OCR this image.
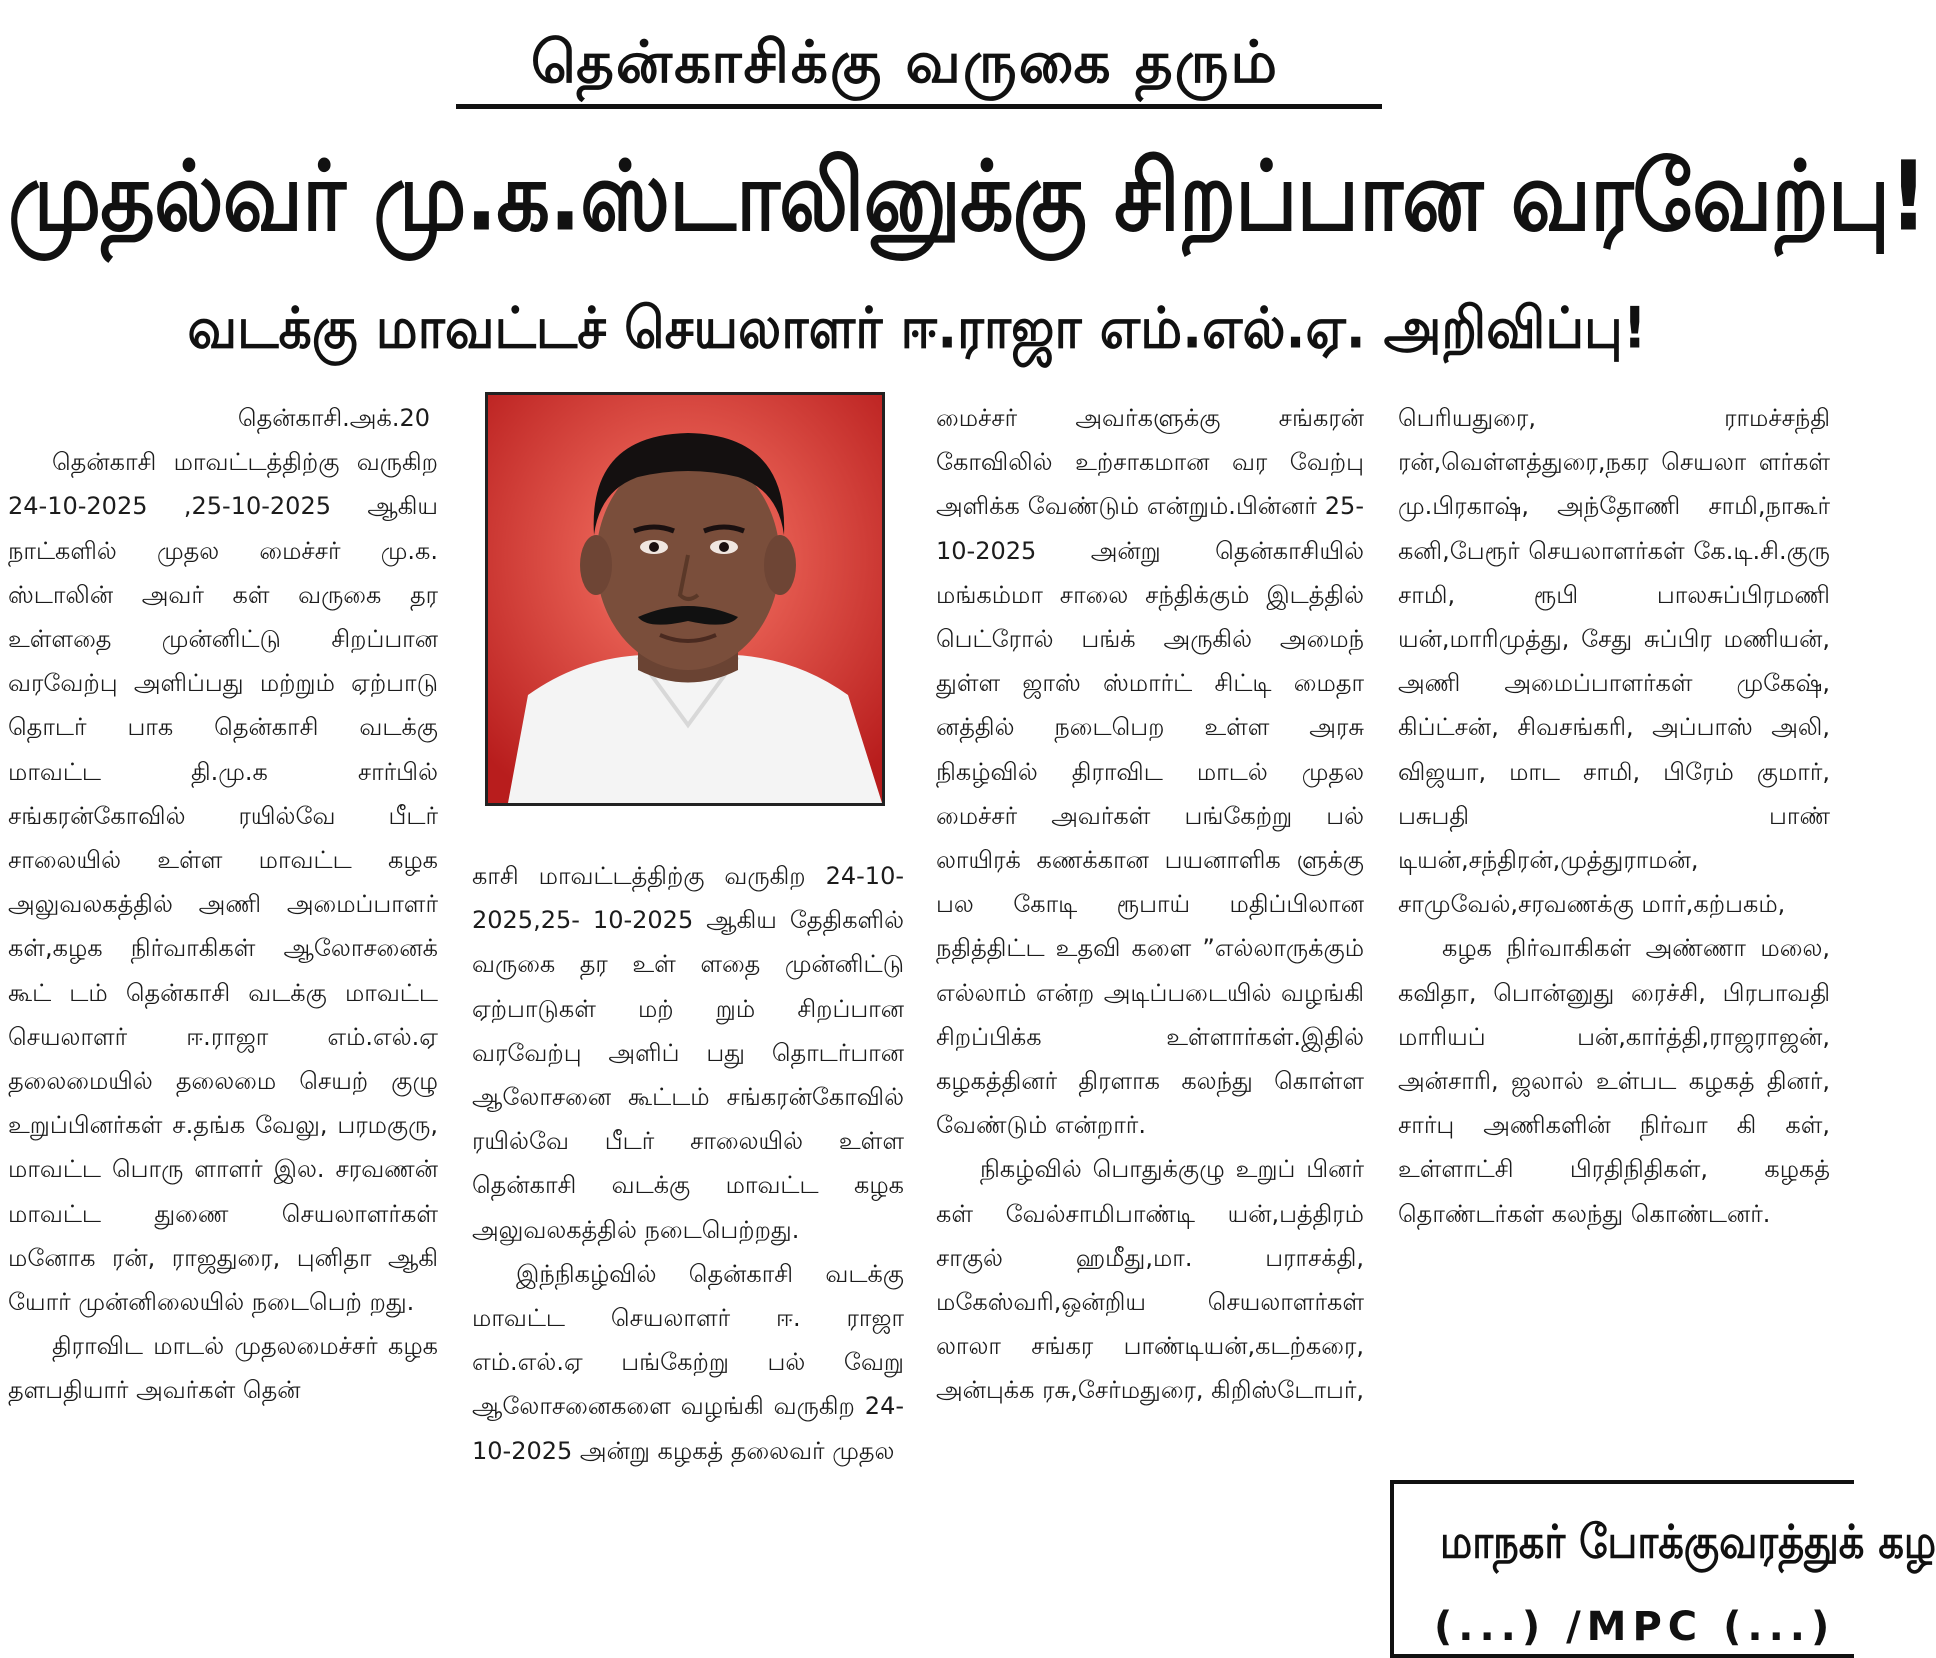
தென்காசிக்கு வருகை தரும்
முதல்வர் மு.க.ஸ்டாலினுக்கு சிறப்பான வரவேற்பு!
வடக்கு மாவட்டச் செயலாளர் ஈ.ராஜா எம்.எல்.ஏ. அறிவிப்பு!

தென்காசி.அக்.20

தென்காசி மாவட்டத்திற்கு வருகிற 24-10-2025 ,25-10-2025 ஆகிய நாட்களில் முதல மைச்சர் மு.க. ஸ்டாலின் அவர் கள் வருகை தர உள்ளதை முன்னிட்டு சிறப்பான வரவேற்பு அளிப்பது மற்றும் ஏற்பாடு தொடர் பாக தென்காசி வடக்கு மாவட்ட தி.மு.க சார்பில் சங்கரன்கோவில் ரயில்வே பீடர் சாலையில் உள்ள மாவட்ட கழக அலுவலகத்தில் அணி அமைப்பாளர் கள்,கழக நிர்வாகிகள் ஆலோசனைக் கூட் டம் தென்காசி வடக்கு மாவட்ட செயலாளர் ஈ.ராஜா எம்.எல்.ஏ தலைமையில் தலைமை செயற் குழு உறுப்பினர்கள் ச.தங்க வேலு, பரமகுரு, மாவட்ட பொரு ளாளர் இல. சரவணன் மாவட்ட துணை செயலாளர்கள் மனோக ரன், ராஜதுரை, புனிதா ஆகி யோர் முன்னிலையில் நடைபெற் றது.

திராவிட மாடல் முதலமைச்சர் கழக தளபதியார் அவர்கள் தென்

காசி மாவட்டத்திற்கு வருகிற 24-10-2025,25- 10-2025 ஆகிய தேதிகளில் வருகை தர உள் ளதை முன்னிட்டு ஏற்பாடுகள் மற் றும் சிறப்பான வரவேற்பு அளிப் பது தொடர்பான ஆலோசனை கூட்டம் சங்கரன்கோவில் ரயில்வே பீடர் சாலையில் உள்ள தென்காசி வடக்கு மாவட்ட கழக அலுவலகத்தில் நடைபெற்றது.

இந்நிகழ்வில் தென்காசி வடக்கு மாவட்ட செயலாளர் ஈ. ராஜா எம்.எல்.ஏ பங்கேற்று பல் வேறு ஆலோசனைகளை வழங்கி வருகிற 24-10-2025 அன்று கழகத் தலைவர் முதல

மைச்சர் அவர்களுக்கு சங்கரன் கோவிலில் உற்சாகமான வர வேற்பு அளிக்க வேண்டும் என்றும்.பின்னர் 25-10-2025 அன்று தென்காசியில் மங்கம்மா சாலை சந்திக்கும் இடத்தில் பெட்ரோல் பங்க் அருகில் அமைந் துள்ள ஜாஸ் ஸ்மார்ட் சிட்டி மைதா னத்தில் நடைபெற உள்ள அரசு நிகழ்வில் திராவிட மாடல் முதல மைச்சர் அவர்கள் பங்கேற்று பல் லாயிரக் கணக்கான பயனாளிக ளுக்கு பல கோடி ரூபாய் மதிப்பிலான நதித்திட்ட உதவி களை ”எல்லாருக்கும் எல்லாம் என்ற அடிப்படையில் வழங்கி சிறப்பிக்க உள்ளார்கள்.இதில் கழகத்தினர் திரளாக கலந்து கொள்ள வேண்டும் என்றார்.

நிகழ்வில் பொதுக்குழு உறுப் பினர் கள் வேல்சாமிபாண்டி யன்,பத்திரம் சாகுல் ஹமீது,மா. பராசக்தி, மகேஸ்வரி,ஒன்றிய செயலாளர்கள் லாலா சங்கர பாண்டியன்,கடற்கரை, அன்புக்க ரசு,சேர்மதுரை, கிறிஸ்டோபர்,

பெரியதுரை, ராமச்சந்தி ரன்,வெள்ளத்துரை,நகர செயலா ளர்கள் மு.பிரகாஷ், அந்தோணி சாமி,நாகூர் கனி,பேரூர் செயலாளர்கள் கே.டி.சி.குரு சாமி, ரூபி பாலசுப்பிரமணி யன்,மாரிமுத்து, சேது சுப்பிர மணியன், அணி அமைப்பாளர்கள் முகேஷ், கிப்ட்சன், சிவசங்கரி, அப்பாஸ் அலி, விஜயா, மாட சாமி, பிரேம் குமார், பசுபதி பாண் டியன்,சந்திரன்,முத்துராமன், சாமுவேல்,சரவணக்கு மார்,கற்பகம்,

கழக நிர்வாகிகள் அண்ணா மலை, கவிதா, பொன்னுது ரைச்சி, பிரபாவதி மாரியப் பன்,கார்த்தி,ராஜராஜன், அன்சாரி, ஜலால் உள்பட கழகத் தினர், சார்பு அணிகளின் நிர்வா கி கள், உள்ளாட்சி பிரதிநிதிகள், கழகத் தொண்டர்கள் கலந்து கொண்டனர்.

மாநகர் போக்குவரத்துக் கழ
(...) /MPC (...)
